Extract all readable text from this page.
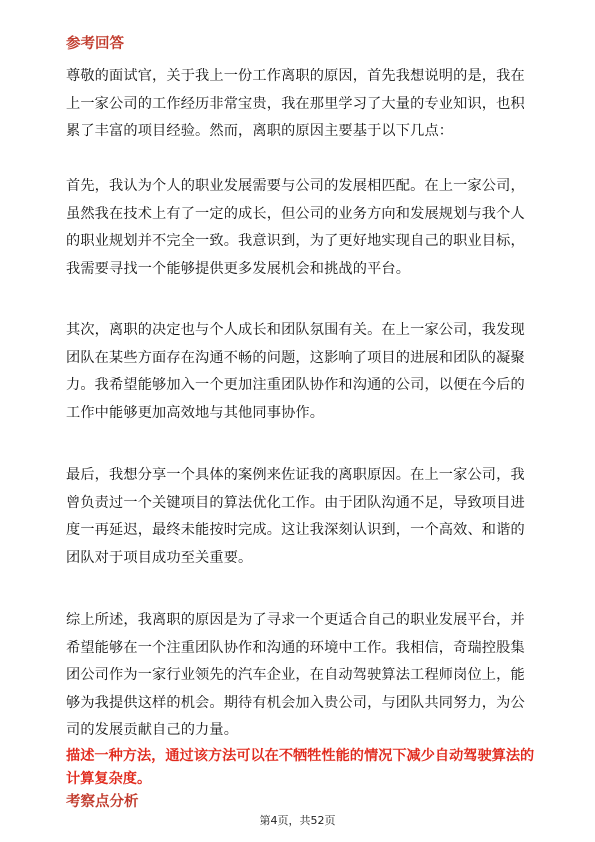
参考回答

尊敬的面试官，关于我上一份工作离职的原因，首先我想说明的是，我在上一家公司的工作经历非常宝贵，我在那里学习了大量的专业知识，也积累了丰富的项目经验。然而，离职的原因主要基于以下几点：

首先，我认为个人的职业发展需要与公司的发展相匹配。在上一家公司，虽然我在技术上有了一定的成长，但公司的业务方向和发展规划与我个人的职业规划并不完全一致。我意识到，为了更好地实现自己的职业目标，我需要寻找一个能够提供更多发展机会和挑战的平台。

其次，离职的决定也与个人成长和团队氛围有关。在上一家公司，我发现团队在某些方面存在沟通不畅的问题，这影响了项目的进展和团队的凝聚力。我希望能够加入一个更加注重团队协作和沟通的公司，以便在今后的工作中能够更加高效地与其他同事协作。

最后，我想分享一个具体的案例来佐证我的离职原因。在上一家公司，我曾负责过一个关键项目的算法优化工作。由于团队沟通不足，导致项目进度一再延迟，最终未能按时完成。这让我深刻认识到，一个高效、和谐的团队对于项目成功至关重要。

综上所述，我离职的原因是为了寻求一个更适合自己的职业发展平台，并希望能够在一个注重团队协作和沟通的环境中工作。我相信，奇瑞控股集团公司作为一家行业领先的汽车企业，在自动驾驶算法工程师岗位上，能够为我提供这样的机会。期待有机会加入贵公司，与团队共同努力，为公司的发展贡献自己的力量。

描述一种方法，通过该方法可以在不牺牲性能的情况下减少自动驾驶算法的计算复杂度。

考察点分析
第4页，共52页
